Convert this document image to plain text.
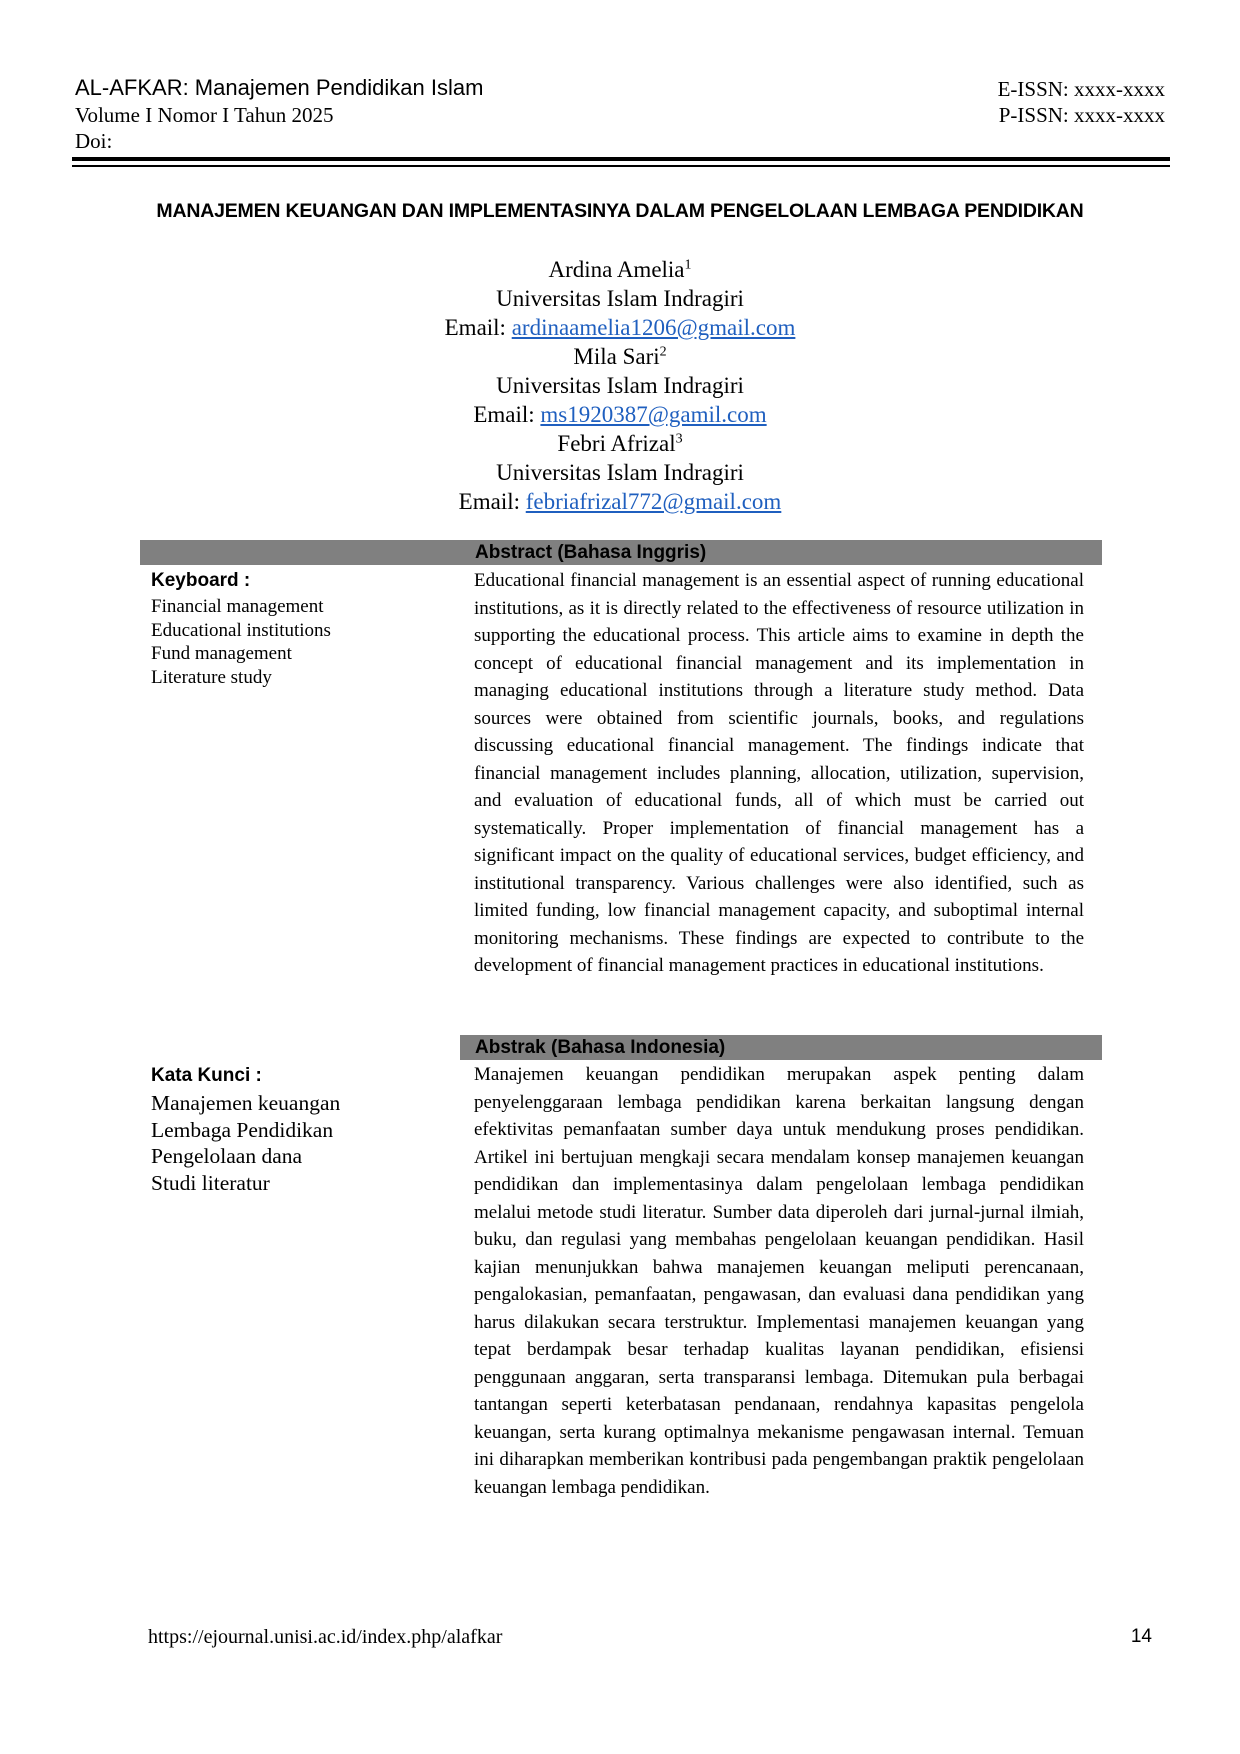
AL-AFKAR: Manajemen Pendidikan Islam
Volume I Nomor I Tahun 2025
Doi:
E-ISSN: xxxx-xxxx
P-ISSN: xxxx-xxxx
MANAJEMEN KEUANGAN DAN IMPLEMENTASINYA DALAM PENGELOLAAN LEMBAGA PENDIDIKAN
Ardina Amelia$^1$
Universitas Islam Indragiri
Email: ardinaamelia1206@gmail.com
Mila Sari$^2$
Universitas Islam Indragiri
Email: ms1920387@gamil.com
Febri Afrizal$^3$
Universitas Islam Indragiri
Email: febriafrizal772@gmail.com
Abstract (Bahasa Inggris)
Keyboard :
Financial management
Educational institutions
Fund management
Literature study
Educational financial management is an essential aspect of running educational institutions, as it is directly related to the effectiveness of resource utilization in supporting the educational process. This article aims to examine in depth the concept of educational financial management and its implementation in managing educational institutions through a literature study method. Data sources were obtained from scientific journals, books, and regulations discussing educational financial management. The findings indicate that financial management includes planning, allocation, utilization, supervision, and evaluation of educational funds, all of which must be carried out systematically. Proper implementation of financial management has a significant impact on the quality of educational services, budget efficiency, and institutional transparency. Various challenges were also identified, such as limited funding, low financial management capacity, and suboptimal internal monitoring mechanisms. These findings are expected to contribute to the development of financial management practices in educational institutions.
Abstrak (Bahasa Indonesia)
Kata Kunci :
Manajemen keuangan
Lembaga Pendidikan
Pengelolaan dana
Studi literatur
Manajemen keuangan pendidikan merupakan aspek penting dalam penyelenggaraan lembaga pendidikan karena berkaitan langsung dengan efektivitas pemanfaatan sumber daya untuk mendukung proses pendidikan. Artikel ini bertujuan mengkaji secara mendalam konsep manajemen keuangan pendidikan dan implementasinya dalam pengelolaan lembaga pendidikan melalui metode studi literatur. Sumber data diperoleh dari jurnal-jurnal ilmiah, buku, dan regulasi yang membahas pengelolaan keuangan pendidikan. Hasil kajian menunjukkan bahwa manajemen keuangan meliputi perencanaan, pengalokasian, pemanfaatan, pengawasan, dan evaluasi dana pendidikan yang harus dilakukan secara terstruktur. Implementasi manajemen keuangan yang tepat berdampak besar terhadap kualitas layanan pendidikan, efisiensi penggunaan anggaran, serta transparansi lembaga. Ditemukan pula berbagai tantangan seperti keterbatasan pendanaan, rendahnya kapasitas pengelola keuangan, serta kurang optimalnya mekanisme pengawasan internal. Temuan ini diharapkan memberikan kontribusi pada pengembangan praktik pengelolaan keuangan lembaga pendidikan.
https://ejournal.unisi.ac.id/index.php/alafkar	14
